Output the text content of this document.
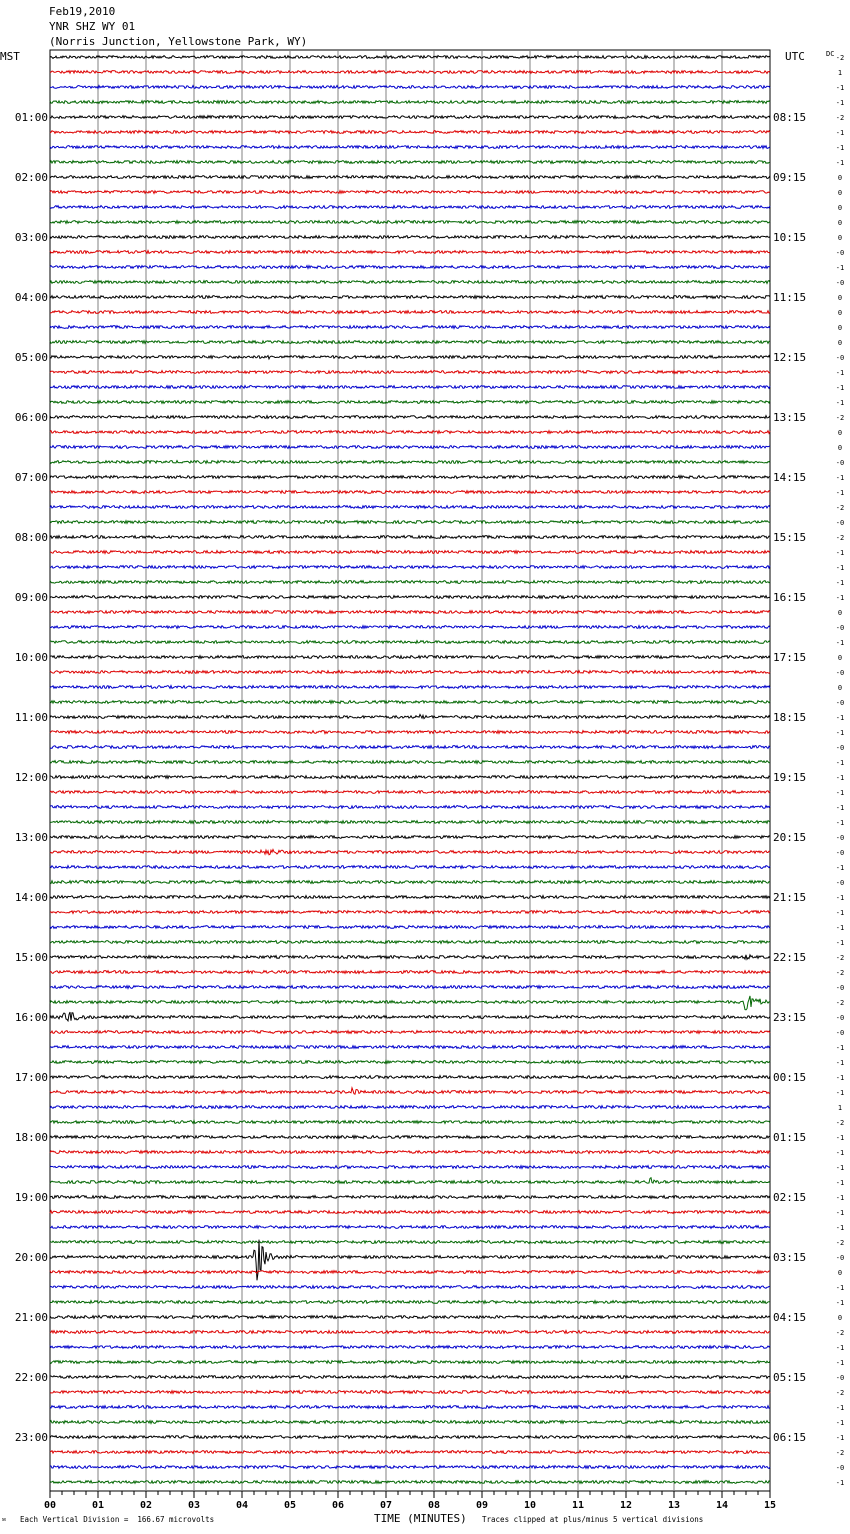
Feb19,2010
YNR SHZ WY 01
(Norris Junction, Yellowstone Park, WY)
MST	UTC	DC -2
1
-1
-1
-2
-1
-1
-1
0
0
0
0
0
-0
-1
-0
0
0
0
0
-0
-1
-1
-1
-2
0
0
-0
-1
-1
-2
-0
-2
-1
-1
-1
-1
0
-0
-1
0
-0
0
-0
-1
-1
-0
-1
-1
-1
-1
-1
-0
-0
-1
-0
-1
-1
-1
-1
-2
-2
-0
-2
-0
-0
-1
-1
-1
-1
1
-2
-1
-1
-1
-1
-1
-1
-1
-2
-0
0
-1
-1
0
-2
-1
-1
-0
-2
-1
-1
-1
-2
-0
-1
01:00
02:00
03:00
04:00
05:00
06:00
07:00
08:00
09:00
10:00
11:00
12:00
13:00
14:00
15:00
16:00
17:00
18:00
19:00
20:00
21:00
22:00
23:00
08:15
09:15
10:15
11:15
12:15
13:15
14:15
15:15
16:15
17:15
18:15
19:15
20:15
21:15
22:15
23:15
00:15
01:15
02:15
03:15
04:15
05:15
06:15
00	01	02	03	04	05	06	07	08	09	10	11	12	13	14	15
ᴍ Each Vertical Division =  166.67 microvolts	TIME (MINUTES) Traces clipped at plus/minus 5 vertical divisions
